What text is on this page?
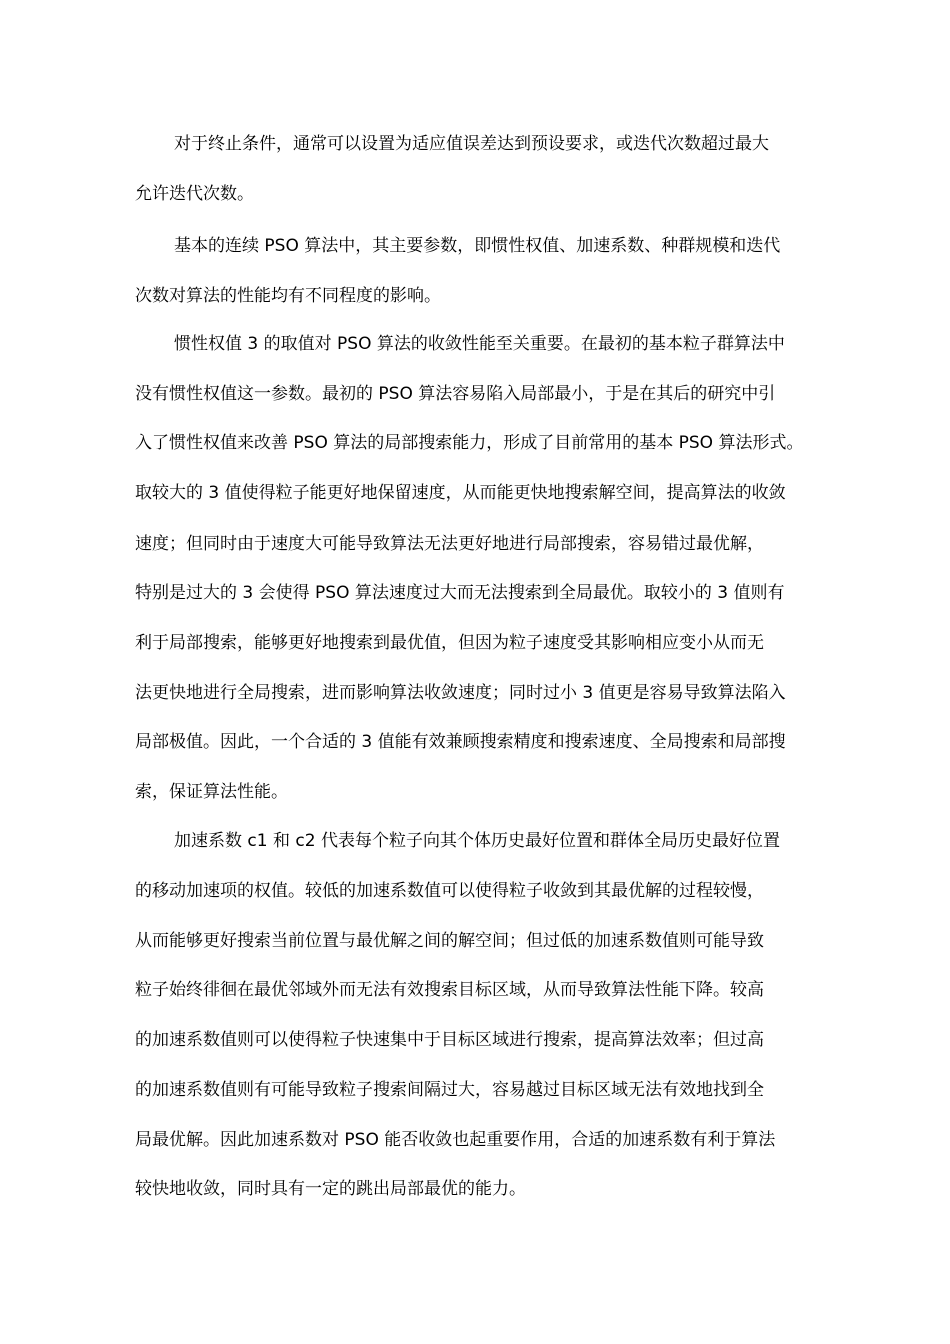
对于终止条件，通常可以设置为适应值误差达到预设要求，或迭代次数超过最大
允许迭代次数。
基本的连续 PSO 算法中，其主要参数，即惯性权值、加速系数、种群规模和迭代
次数对算法的性能均有不同程度的影响。
惯性权值 3 的取值对 PSO 算法的收敛性能至关重要。在最初的基本粒子群算法中
没有惯性权值这一参数。最初的 PSO 算法容易陷入局部最小，于是在其后的研究中引
入了惯性权值来改善 PSO 算法的局部搜索能力，形成了目前常用的基本 PSO 算法形式。
取较大的 3 值使得粒子能更好地保留速度，从而能更快地搜索解空间，提高算法的收敛
速度；但同时由于速度大可能导致算法无法更好地进行局部搜索，容易错过最优解，
特别是过大的 3 会使得 PSO 算法速度过大而无法搜索到全局最优。取较小的 3 值则有
利于局部搜索，能够更好地搜索到最优值，但因为粒子速度受其影响相应变小从而无
法更快地进行全局搜索，进而影响算法收敛速度；同时过小 3 值更是容易导致算法陷入
局部极值。因此，一个合适的 3 值能有效兼顾搜索精度和搜索速度、全局搜索和局部搜
索，保证算法性能。
加速系数 c1 和 c2 代表每个粒子向其个体历史最好位置和群体全局历史最好位置
的移动加速项的权值。较低的加速系数值可以使得粒子收敛到其最优解的过程较慢，
从而能够更好搜索当前位置与最优解之间的解空间；但过低的加速系数值则可能导致
粒子始终徘徊在最优邻域外而无法有效搜索目标区域，从而导致算法性能下降。较高
的加速系数值则可以使得粒子快速集中于目标区域进行搜索，提高算法效率；但过高
的加速系数值则有可能导致粒子搜索间隔过大，容易越过目标区域无法有效地找到全
局最优解。因此加速系数对 PSO 能否收敛也起重要作用，合适的加速系数有利于算法
较快地收敛，同时具有一定的跳出局部最优的能力。
